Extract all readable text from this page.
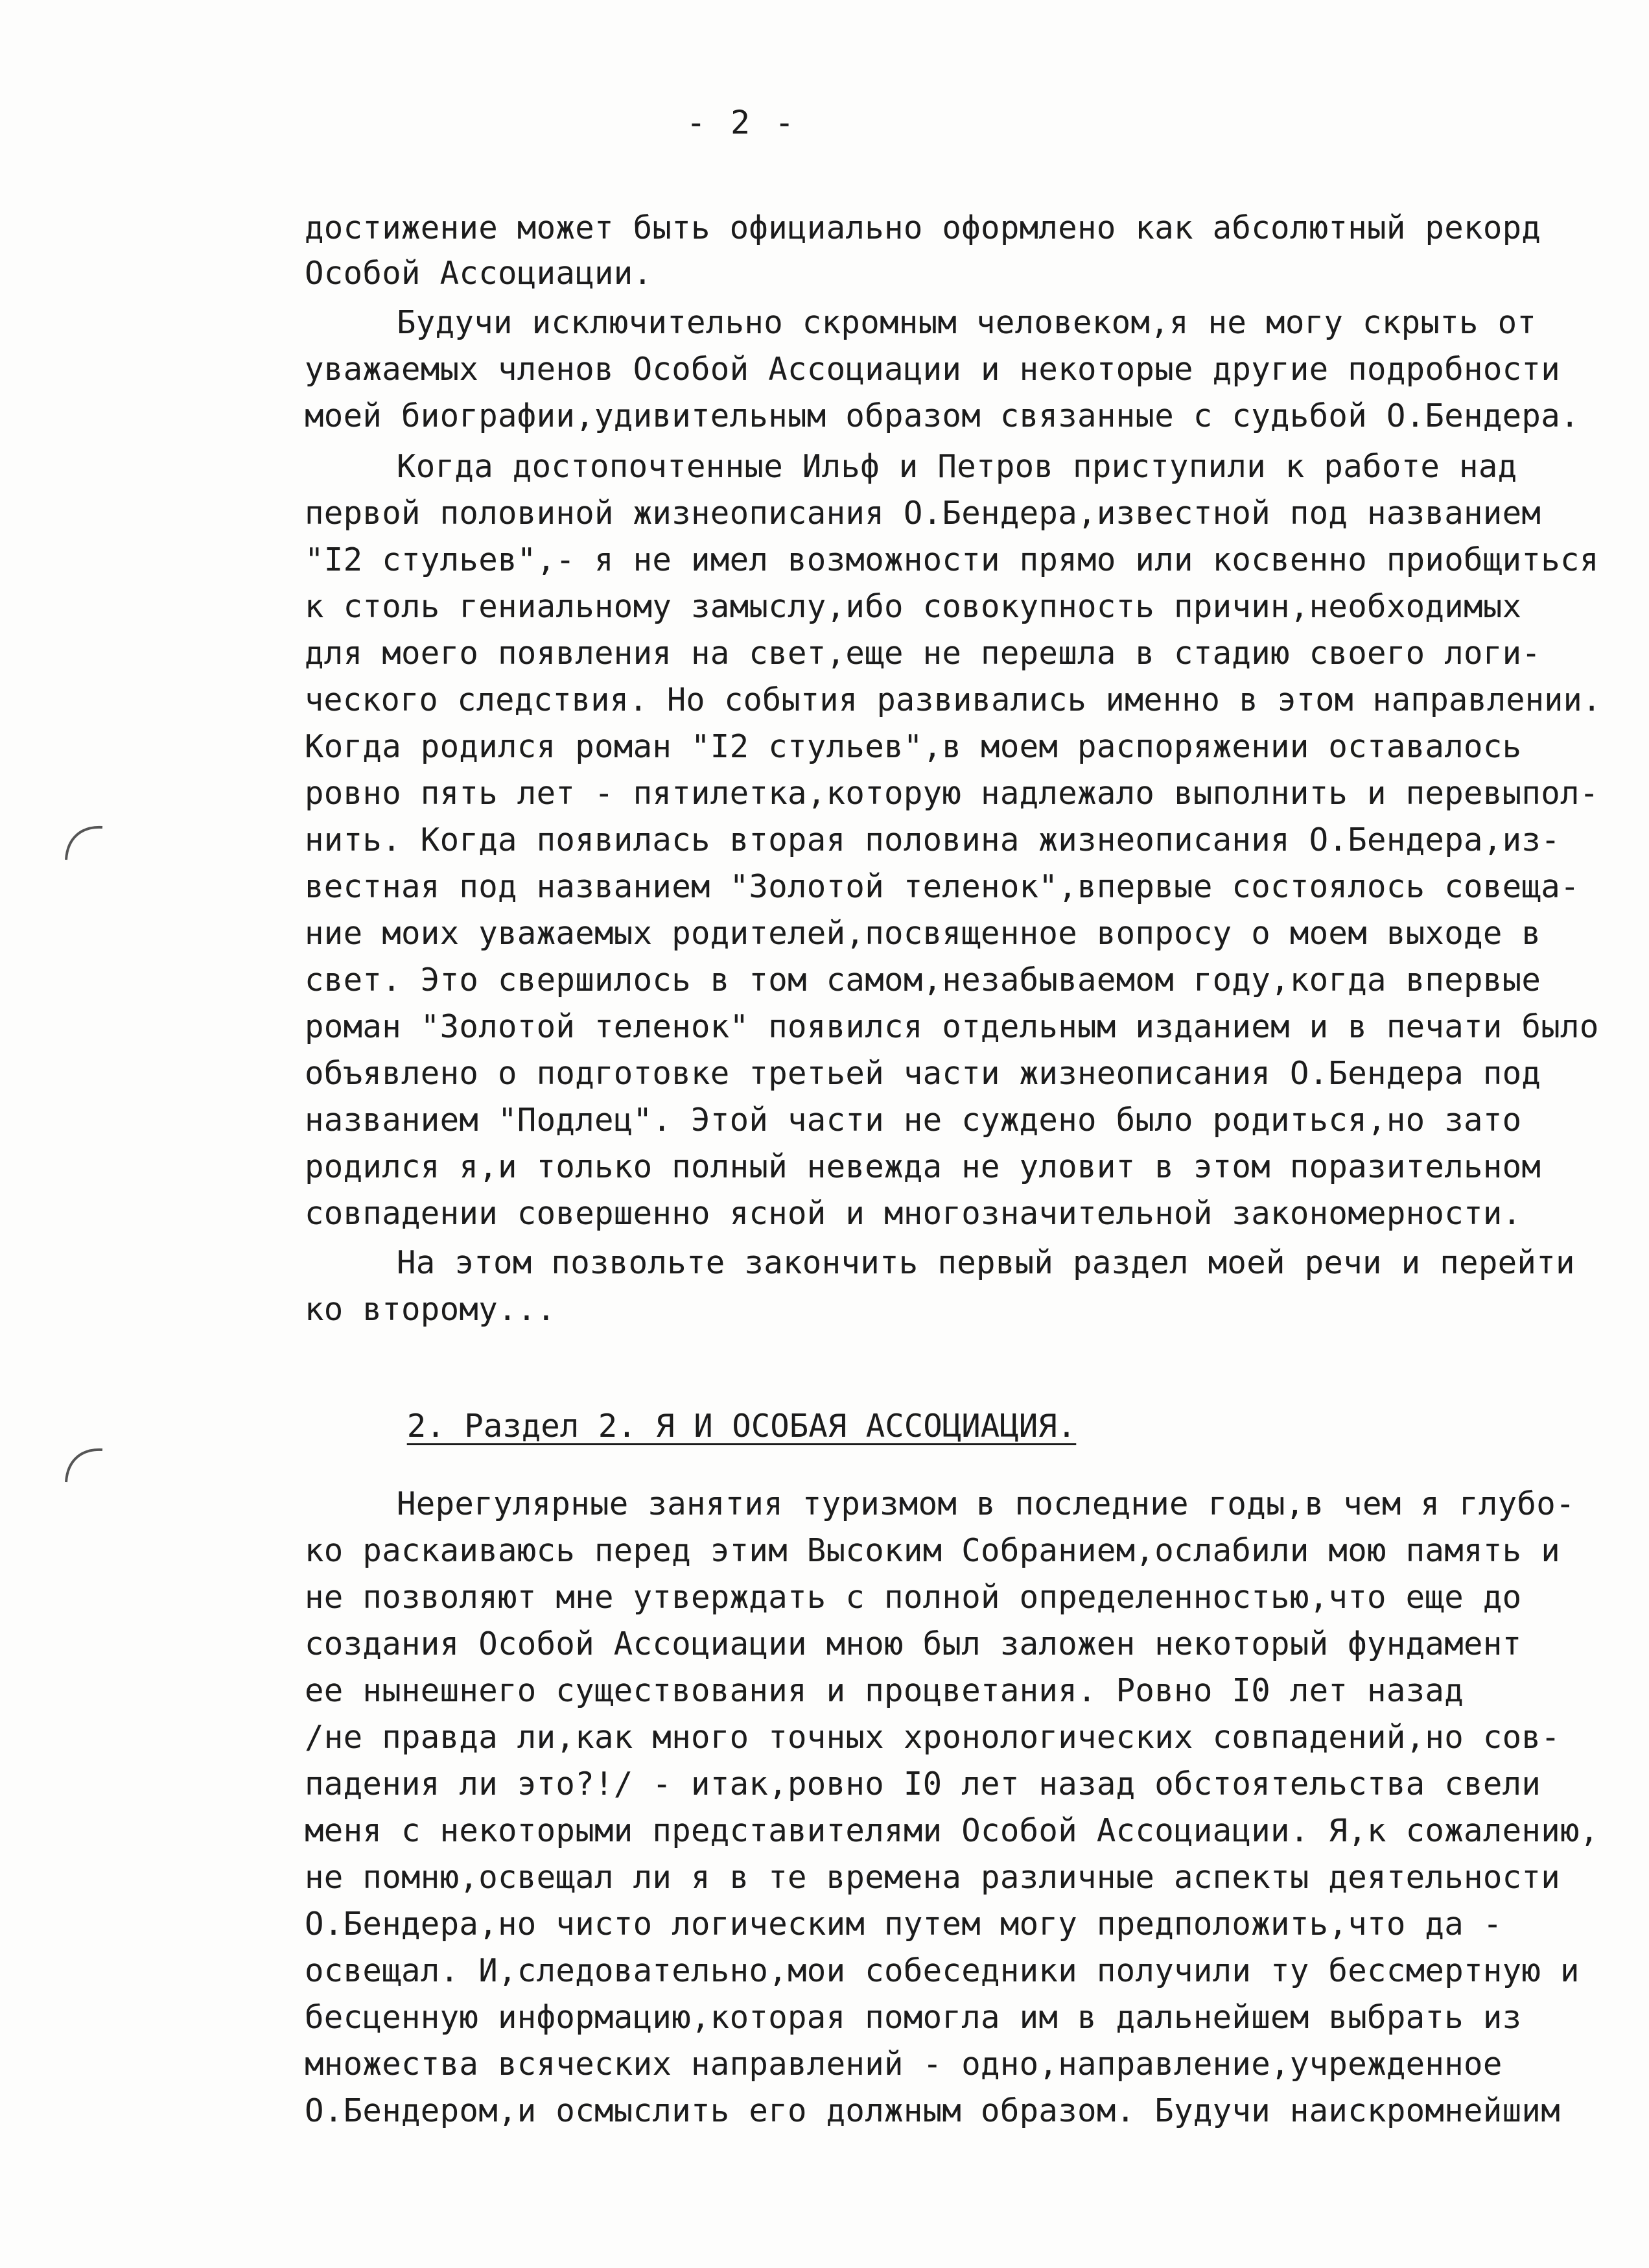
- 2 -
достижение может быть официально оформлено как абсолютный рекорд
Особой Ассоциации.
Будучи исключительно скромным человеком,я не могу скрыть от
уважаемых членов Особой Ассоциации и некоторые другие подробности
моей биографии,удивительным образом связанные с судьбой О.Бендера.
Когда достопочтенные Ильф и Петров приступили к работе над
первой половиной жизнеописания О.Бендера,известной под названием
"I2 стульев",- я не имел возможности прямо или косвенно приобщиться
к столь гениальному замыслу,ибо совокупность причин,необходимых
для моего появления на свет,еще не перешла в стадию своего логи-
ческого следствия. Но события развивались именно в этом направлении.
Когда родился роман "I2 стульев",в моем распоряжении оставалось
ровно пять лет - пятилетка,которую надлежало выполнить и перевыпол-
нить. Когда появилась вторая половина жизнеописания О.Бендера,из-
вестная под названием "Золотой теленок",впервые состоялось совеща-
ние моих уважаемых родителей,посвященное вопросу о моем выходе в
свет. Это свершилось в том самом,незабываемом году,когда впервые
роман "Золотой теленок" появился отдельным изданием и в печати было
объявлено о подготовке третьей части жизнеописания О.Бендера под
названием "Подлец". Этой части не суждено было родиться,но зато
родился я,и только полный невежда не уловит в этом поразительном
совпадении совершенно ясной и многозначительной закономерности.
На этом позвольте закончить первый раздел моей речи и перейти
ко второму...
2. Раздел 2. Я И ОСОБАЯ АССОЦИАЦИЯ.
Нерегулярные занятия туризмом в последние годы,в чем я глубо-
ко раскаиваюсь перед этим Высоким Собранием,ослабили мою память и
не позволяют мне утверждать с полной определенностью,что еще до
создания Особой Ассоциации мною был заложен некоторый фундамент
ее нынешнего существования и процветания. Ровно I0 лет назад
/не правда ли,как много точных хронологических совпадений,но сов-
падения ли это?!/ - итак,ровно I0 лет назад обстоятельства свели
меня с некоторыми представителями Особой Ассоциации. Я,к сожалению,
не помню,освещал ли я в те времена различные аспекты деятельности
О.Бендера,но чисто логическим путем могу предположить,что да -
освещал. И,следовательно,мои собеседники получили ту бессмертную и
бесценную информацию,которая помогла им в дальнейшем выбрать из
множества всяческих направлений - одно,направление,учрежденное
О.Бендером,и осмыслить его должным образом. Будучи наискромнейшим
